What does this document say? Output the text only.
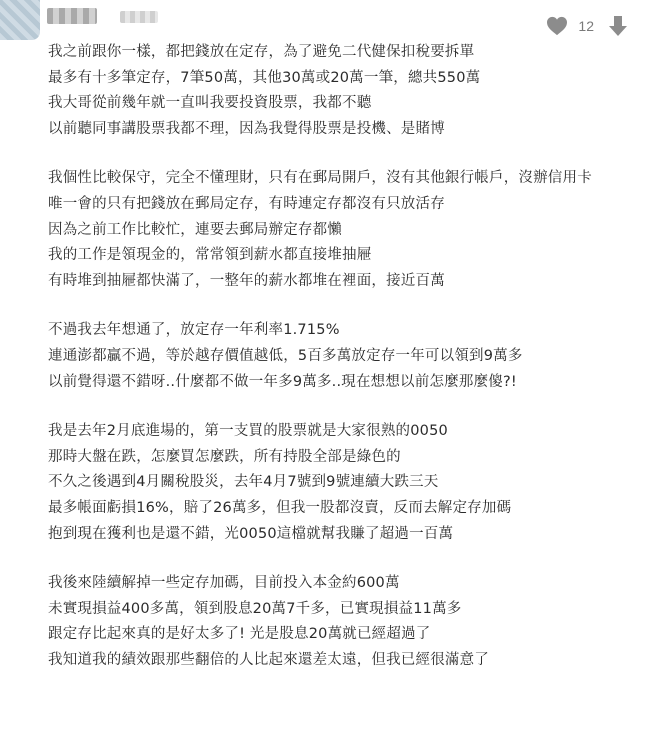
12
我之前跟你一樣，都把錢放在定存，為了避免二代健保扣稅要拆單
最多有十多筆定存，7筆50萬，其他30萬或20萬一筆，總共550萬
我大哥從前幾年就一直叫我要投資股票，我都不聽
以前聽同事講股票我都不理，因為我覺得股票是投機、是賭博
我個性比較保守，完全不懂理財，只有在郵局開戶，沒有其他銀行帳戶，沒辦信用卡
唯一會的只有把錢放在郵局定存，有時連定存都沒有只放活存
因為之前工作比較忙，連要去郵局辦定存都懶
我的工作是領現金的，常常領到薪水都直接堆抽屜
有時堆到抽屜都快滿了，一整年的薪水都堆在裡面，接近百萬
不過我去年想通了，放定存一年利率1.715%
連通澎都贏不過，等於越存價值越低，5百多萬放定存一年可以領到9萬多
以前覺得還不錯呀..什麼都不做一年多9萬多..現在想想以前怎麼那麼傻?!
我是去年2月底進場的，第一支買的股票就是大家很熟的0050
那時大盤在跌，怎麼買怎麼跌，所有持股全部是綠色的
不久之後遇到4月關稅股災，去年4月7號到9號連續大跌三天
最多帳面虧損16%，賠了26萬多，但我一股都沒賣，反而去解定存加碼
抱到現在獲利也是還不錯，光0050這檔就幫我賺了超過一百萬
我後來陸續解掉一些定存加碼，目前投入本金約600萬
未實現損益400多萬，領到股息20萬7千多，已實現損益11萬多
跟定存比起來真的是好太多了! 光是股息20萬就已經超過了
我知道我的績效跟那些翻倍的人比起來還差太遠，但我已經很滿意了
